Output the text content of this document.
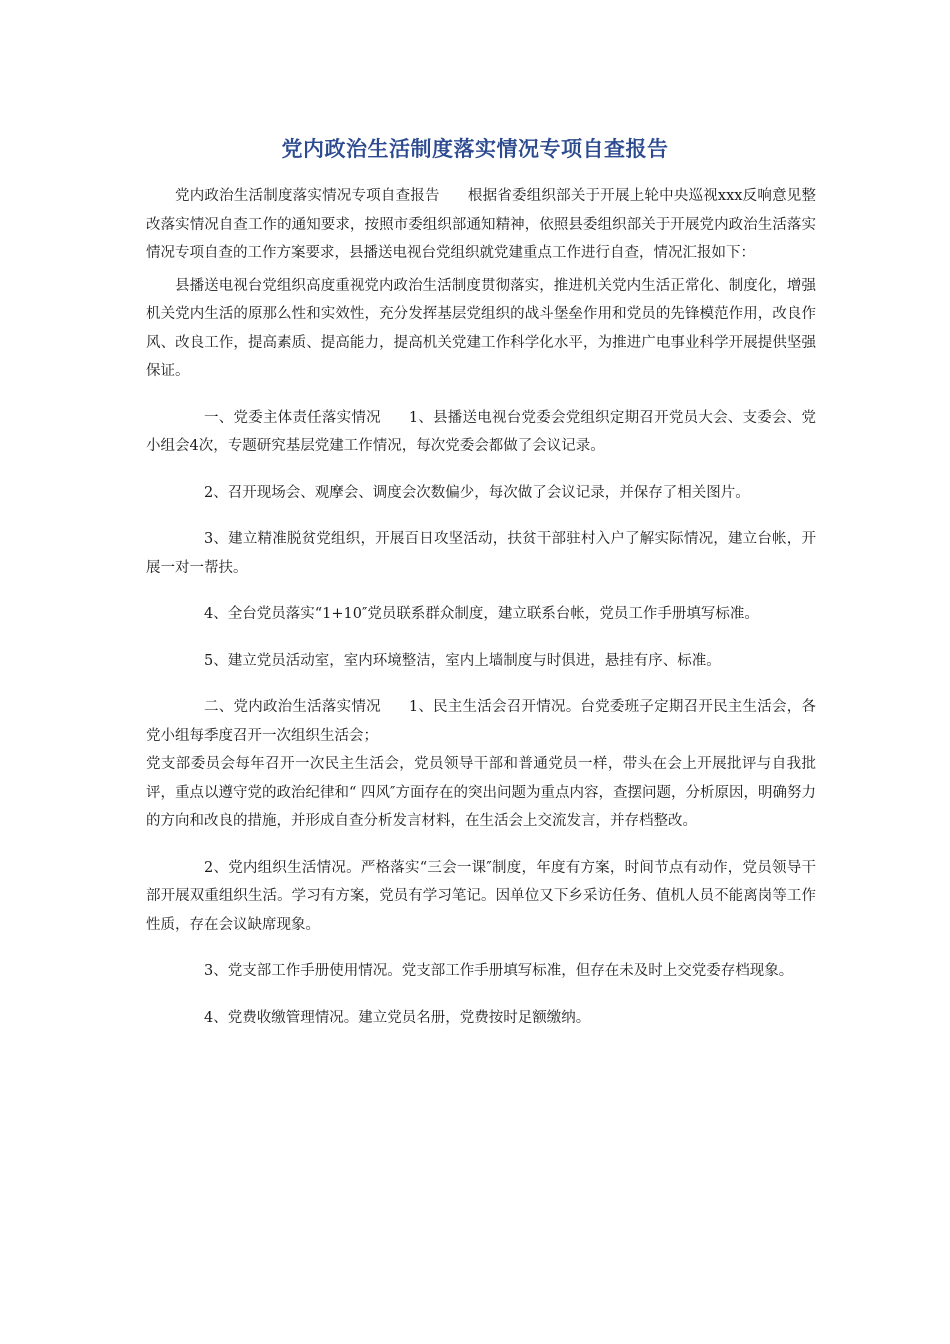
党内政治生活制度落实情况专项自查报告

党内政治生活制度落实情况专项自查报告 根据省委组织部关于开展上轮中央巡视xxx反响意见整改落实情况自查工作的通知要求，按照市委组织部通知精神，依照县委组织部关于开展党内政治生活落实情况专项自查的工作方案要求，县播送电视台党组织就党建重点工作进行自查，情况汇报如下：

县播送电视台党组织高度重视党内政治生活制度贯彻落实，推进机关党内生活正常化、制度化，增强机关党内生活的原那么性和实效性，充分发挥基层党组织的战斗堡垒作用和党员的先锋模范作用，改良作风、改良工作，提高素质、提高能力，提高机关党建工作科学化水平，为推进广电事业科学开展提供坚强保证。

一、党委主体责任落实情况 1、县播送电视台党委会党组织定期召开党员大会、支委会、党小组会4次，专题研究基层党建工作情况，每次党委会都做了会议记录。

2、召开现场会、观摩会、调度会次数偏少，每次做了会议记录，并保存了相关图片。

3、建立精准脱贫党组织，开展百日攻坚活动，扶贫干部驻村入户了解实际情况，建立台帐，开展一对一帮扶。

4、全台党员落实“1+10″党员联系群众制度，建立联系台帐，党员工作手册填写标准。

5、建立党员活动室，室内环境整洁，室内上墙制度与时俱进，悬挂有序、标准。

二、党内政治生活落实情况 1、民主生活会召开情况。台党委班子定期召开民主生活会，各党小组每季度召开一次组织生活会；

党支部委员会每年召开一次民主生活会，党员领导干部和普通党员一样，带头在会上开展批评与自我批评，重点以遵守党的政治纪律和“ 四风″方面存在的突出问题为重点内容，查摆问题，分析原因，明确努力的方向和改良的措施，并形成自查分析发言材料，在生活会上交流发言，并存档整改。

2、党内组织生活情况。严格落实“三会一课″制度，年度有方案，时间节点有动作，党员领导干部开展双重组织生活。学习有方案，党员有学习笔记。因单位又下乡采访任务、值机人员不能离岗等工作性质，存在会议缺席现象。

3、党支部工作手册使用情况。党支部工作手册填写标准，但存在未及时上交党委存档现象。

4、党费收缴管理情况。建立党员名册，党费按时足额缴纳。
